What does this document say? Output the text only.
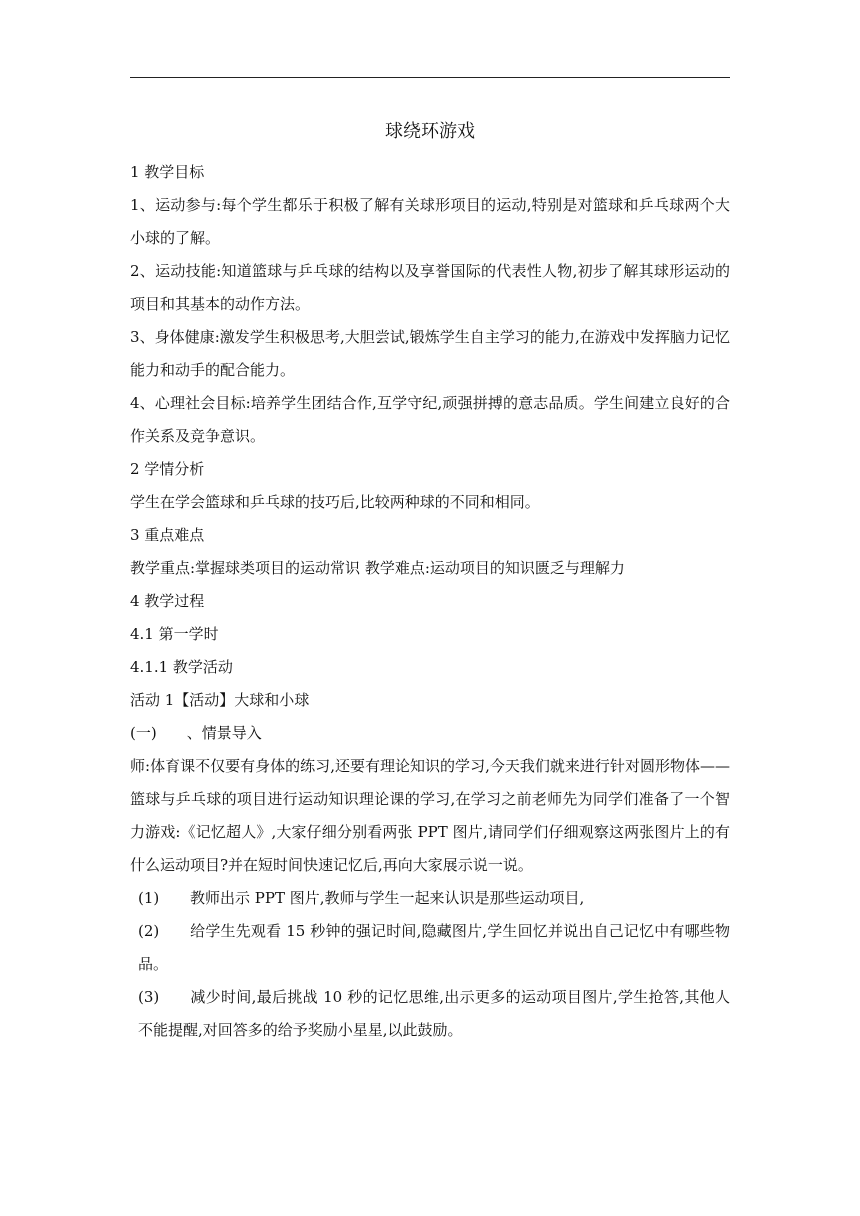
球绕环游戏

1 教学目标

1、运动参与:每个学生都乐于积极了解有关球形项目的运动,特别是对篮球和乒乓球两个大小球的了解。

2、运动技能:知道篮球与乒乓球的结构以及享誉国际的代表性人物,初步了解其球形运动的项目和其基本的动作方法。

3、身体健康:激发学生积极思考,大胆尝试,锻炼学生自主学习的能力,在游戏中发挥脑力记忆能力和动手的配合能力。

4、心理社会目标:培养学生团结合作,互学守纪,顽强拼搏的意志品质。学生间建立良好的合作关系及竞争意识。

2 学情分析

学生在学会篮球和乒乓球的技巧后,比较两种球的不同和相同。

3 重点难点

教学重点:掌握球类项目的运动常识 教学难点:运动项目的知识匮乏与理解力

4 教学过程

4.1 第一学时

4.1.1 教学活动

活动 1【活动】大球和小球

(一)　　、情景导入

师:体育课不仅要有身体的练习,还要有理论知识的学习,今天我们就来进行针对圆形物体——篮球与乒乓球的项目进行运动知识理论课的学习,在学习之前老师先为同学们准备了一个智力游戏:《记忆超人》,大家仔细分别看两张 PPT 图片,请同学们仔细观察这两张图片上的有什么运动项目?并在短时间快速记忆后,再向大家展示说一说。

(1) 教师出示 PPT 图片,教师与学生一起来认识是那些运动项目,
(2) 给学生先观看 15 秒钟的强记时间,隐藏图片,学生回忆并说出自己记忆中有哪些物品。
(3) 减少时间,最后挑战 10 秒的记忆思维,出示更多的运动项目图片,学生抢答,其他人不能提醒,对回答多的给予奖励小星星,以此鼓励。
